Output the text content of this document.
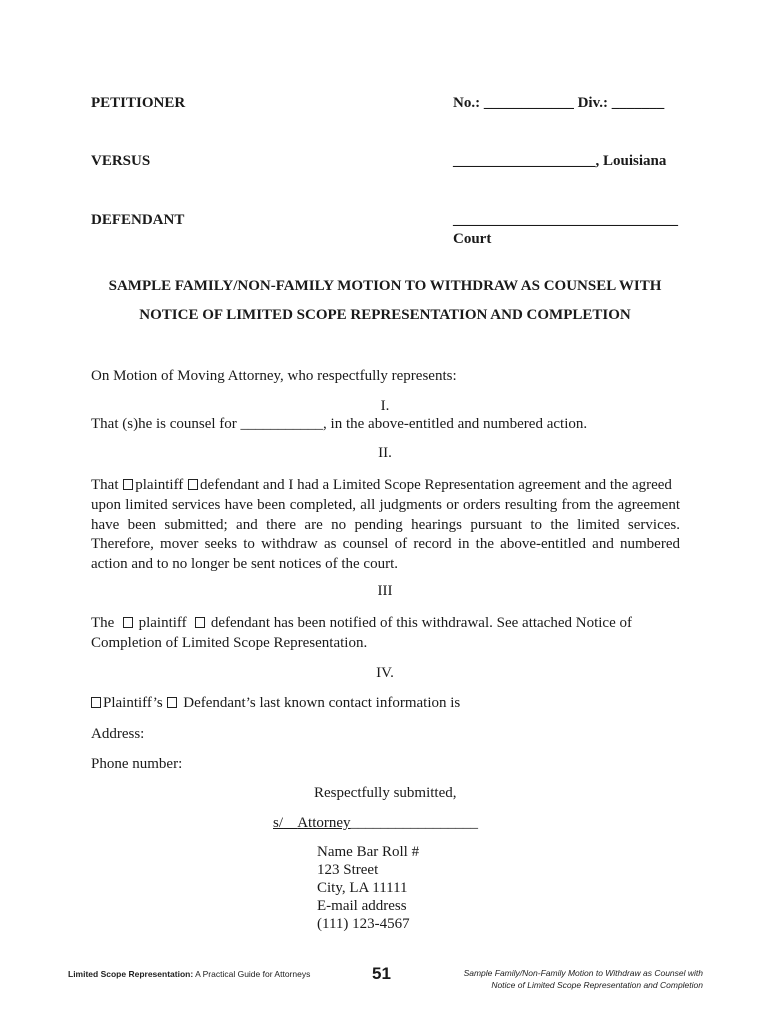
PETITIONER	No.: ____________ Div.: _______
VERSUS	___________________, Louisiana
DEFENDANT	______________________________
Court
SAMPLE FAMILY/NON-FAMILY MOTION TO WITHDRAW AS COUNSEL WITH
NOTICE OF LIMITED SCOPE REPRESENTATION AND COMPLETION
On Motion of Moving Attorney, who respectfully represents:
I.
That (s)he is counsel for ___________, in the above-entitled and numbered action.
II.
That plaintiff defendant and I had a Limited Scope Representation agreement and the agreed
upon limited services have been completed, all judgments or orders resulting from the agreement have been submitted; and there are no pending hearings pursuant to the limited services. Therefore, mover seeks to withdraw as counsel of record in the above-entitled and numbered action and to no longer be sent notices of the court.
III
The plaintiff defendant has been notified of this withdrawal. See attached Notice of
Completion of Limited Scope Representation.
IV.
Plaintiff’s Defendant’s last known contact information is
Address:
Phone number:
Respectfully submitted,
s/ Attorney_________________
Name Bar Roll #
123 Street
City, LA 11111
E-mail address
(111) 123-4567
Limited Scope Representation: A Practical Guide for Attorneys	51	Sample Family/Non-Family Motion to Withdraw as Counsel with
Notice of Limited Scope Representation and Completion
